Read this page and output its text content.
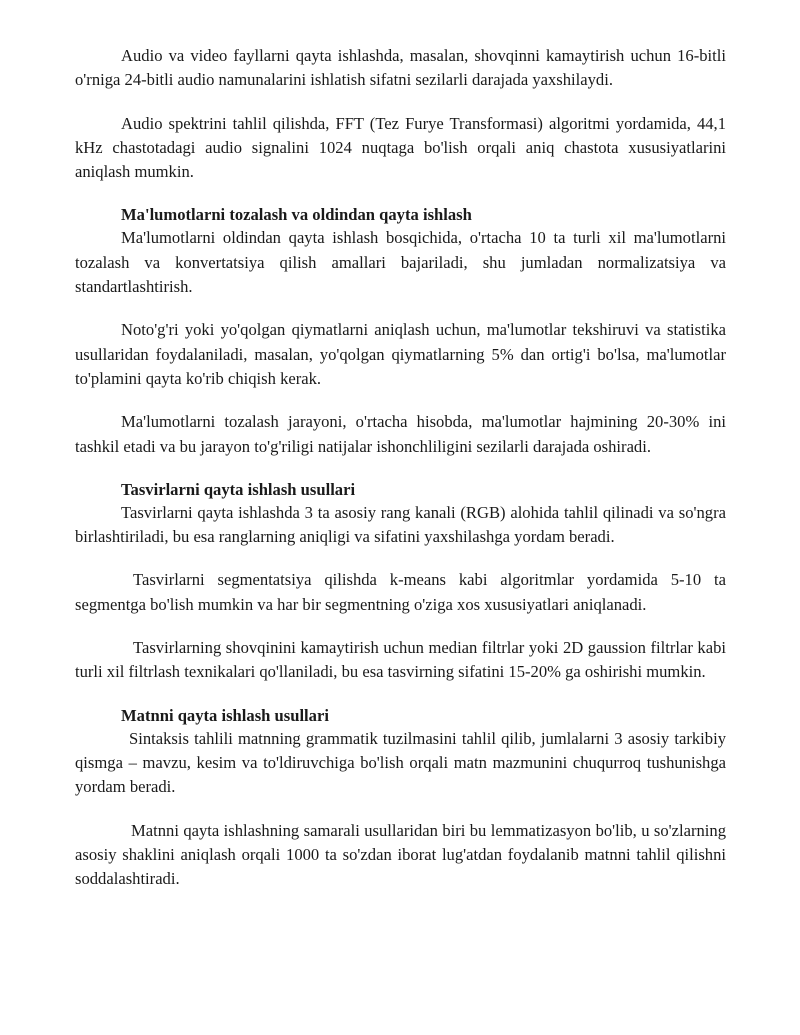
Audio va video fayllarni qayta ishlashda, masalan, shovqinni kamaytirish uchun 16-bitli o'rniga 24-bitli audio namunalarini ishlatish sifatni sezilarli darajada yaxshilaydi.

Audio spektrini tahlil qilishda, FFT (Tez Furye Transformasi) algoritmi yordamida, 44,1 kHz chastotadagi audio signalini 1024 nuqtaga bo'lish orqali aniq chastota xususiyatlarini aniqlash mumkin.

Ma'lumotlarni tozalash va oldindan qayta ishlash

Ma'lumotlarni oldindan qayta ishlash bosqichida, o'rtacha 10 ta turli xil ma'lumotlarni tozalash va konvertatsiya qilish amallari bajariladi, shu jumladan normalizatsiya va standartlashtirish.

Noto'g'ri yoki yo'qolgan qiymatlarni aniqlash uchun, ma'lumotlar tekshiruvi va statistika usullaridan foydalaniladi, masalan, yo'qolgan qiymatlarning 5% dan ortig'i bo'lsa, ma'lumotlar to'plamini qayta ko'rib chiqish kerak.

Ma'lumotlarni tozalash jarayoni, o'rtacha hisobda, ma'lumotlar hajmining 20-30% ini tashkil etadi va bu jarayon to'g'riligi natijalar ishonchliligini sezilarli darajada oshiradi.

Tasvirlarni qayta ishlash usullari

Tasvirlarni qayta ishlashda 3 ta asosiy rang kanali (RGB) alohida tahlil qilinadi va so'ngra birlashtiriladi, bu esa ranglarning aniqligi va sifatini yaxshilashga yordam beradi.

Tasvirlarni segmentatsiya qilishda k-means kabi algoritmlar yordamida 5-10 ta segmentga bo'lish mumkin va har bir segmentning o'ziga xos xususiyatlari aniqlanadi.

Tasvirlarning shovqinini kamaytirish uchun median filtrlar yoki 2D gaussion filtrlar kabi turli xil filtrlash texnikalari qo'llaniladi, bu esa tasvirning sifatini 15-20% ga oshirishi mumkin.

Matnni qayta ishlash usullari

Sintaksis tahlili matnning grammatik tuzilmasini tahlil qilib, jumlalarni 3 asosiy tarkibiy qismga – mavzu, kesim va to'ldiruvchiga bo'lish orqali matn mazmunini chuqurroq tushunishga yordam beradi.

Matnni qayta ishlashning samarali usullaridan biri bu lemmatizasyon bo'lib, u so'zlarning asosiy shaklini aniqlash orqali 1000 ta so'zdan iborat lug'atdan foydalanib matnni tahlil qilishni soddalashtiradi.
